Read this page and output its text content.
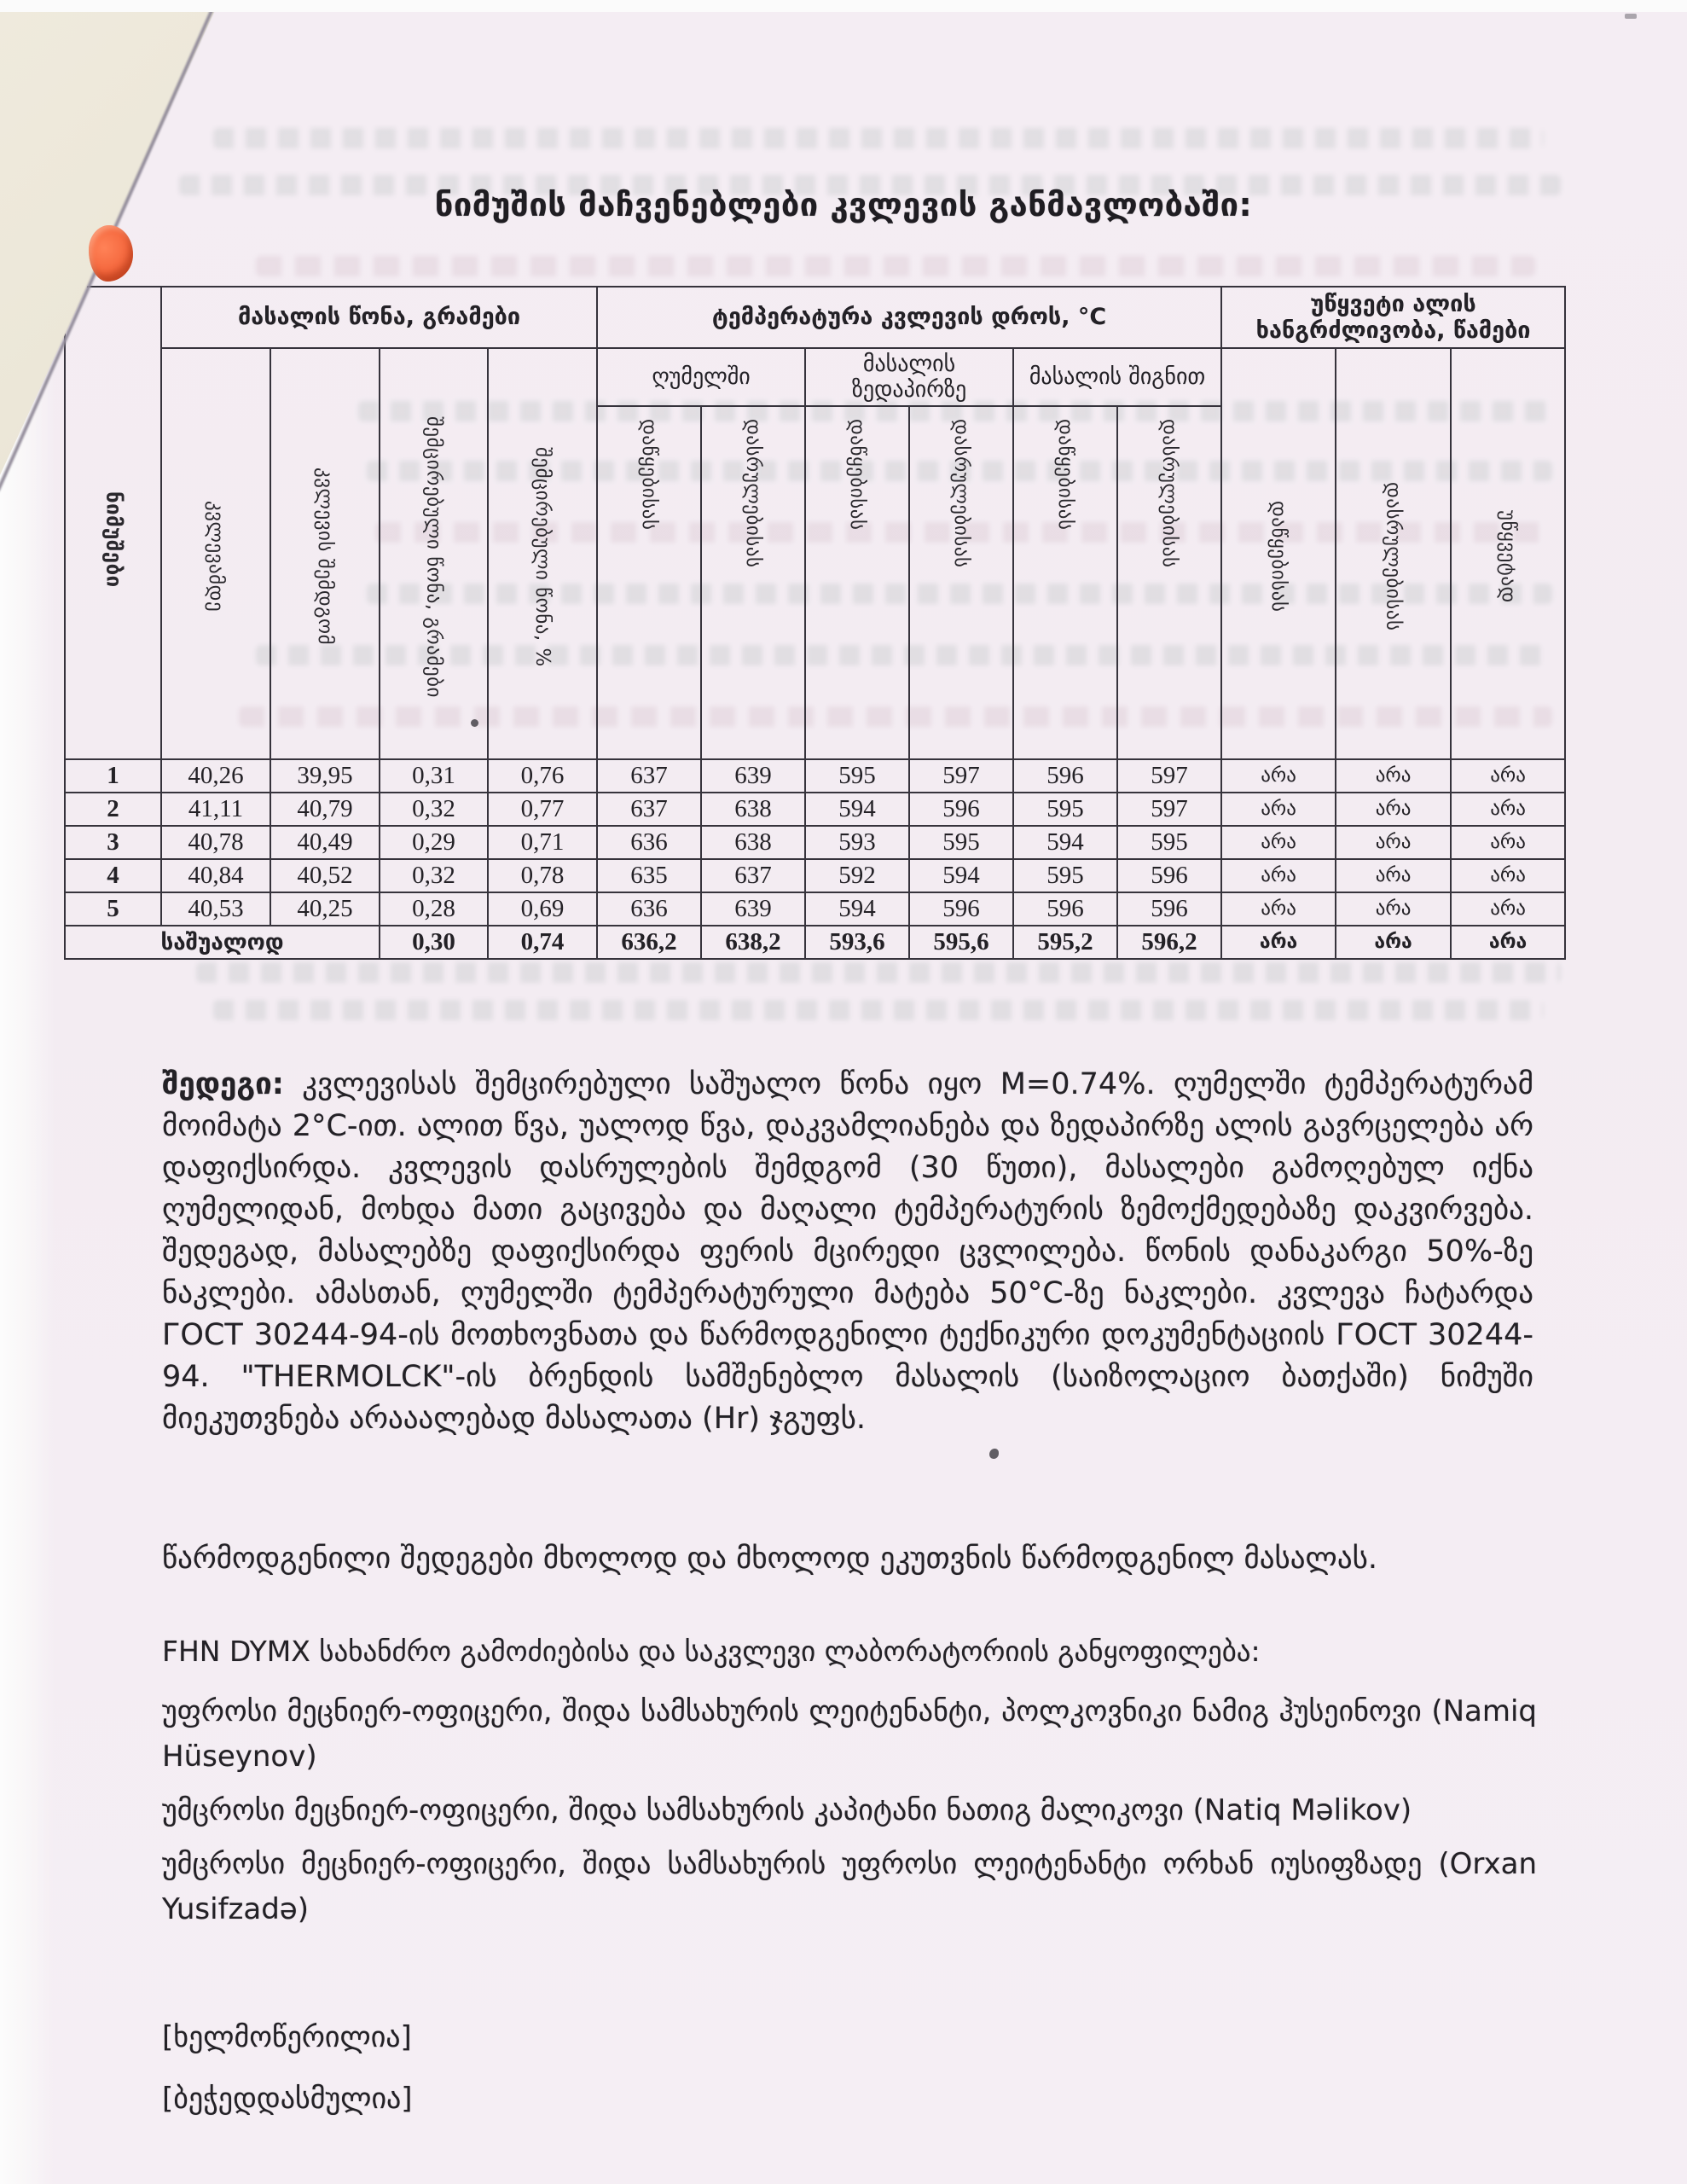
ნიმუშის მაჩვენებლები კვლევის განმავლობაში:
ნიმუშები	მასალის წონა, გრამები				ტემპერატურა კვლევის დროს, °C						უწყვეტი ალის ხანგრძლივობა, წამები		
	კვლევამდე	კვლევის შემდგომ	შემცირებული წონა, გრამები	შემცირებული წონა, %	ღუმელში		მასალის ზედაპირზე		მასალის შიგნით		დაწყებისას	დასრულებისას	უწყვეტად
					დაწყებისას	დასრულებისას	დაწყებისას	დასრულებისას	დაწყებისას	დასრულებისას			
1	40,26	39,95	0,31	0,76	637	639	595	597	596	597	არა	არა	არა
2	41,11	40,79	0,32	0,77	637	638	594	596	595	597	არა	არა	არა
3	40,78	40,49	0,29	0,71	636	638	593	595	594	595	არა	არა	არა
4	40,84	40,52	0,32	0,78	635	637	592	594	595	596	არა	არა	არა
5	40,53	40,25	0,28	0,69	636	639	594	596	596	596	არა	არა	არა
საშუალოდ			0,30	0,74	636,2	638,2	593,6	595,6	595,2	596,2	არა	არა	არა

შედეგი: კვლევისას შემცირებული საშუალო წონა იყო M=0.74%. ღუმელში ტემპერატურამ მოიმატა 2°C-ით. ალით წვა, უალოდ წვა, დაკვამლიანება და ზედაპირზე ალის გავრცელება არ დაფიქსირდა. კვლევის დასრულების შემდგომ (30 წუთი), მასალები გამოღებულ იქნა ღუმელიდან, მოხდა მათი გაცივება და მაღალი ტემპერატურის ზემოქმედებაზე დაკვირვება. შედეგად, მასალებზე დაფიქსირდა ფერის მცირედი ცვლილება. წონის დანაკარგი 50%-ზე ნაკლები. ამასთან, ღუმელში ტემპერატურული მატება 50°C-ზე ნაკლები. კვლევა ჩატარდა ГОСТ 30244-94-ის მოთხოვნათა და წარმოდგენილი ტექნიკური დოკუმენტაციის ГОСТ 30244-94. "THERMOLCK"-ის ბრენდის სამშენებლო მასალის (საიზოლაციო ბათქაში) ნიმუში მიეკუთვნება არააალებად მასალათა (Hr) ჯგუფს.

წარმოდგენილი შედეგები მხოლოდ და მხოლოდ ეკუთვნის წარმოდგენილ მასალას.

FHN DYMX სახანძრო გამოძიებისა და საკვლევი ლაბორატორიის განყოფილება:

უფროსი მეცნიერ-ოფიცერი, შიდა სამსახურის ლეიტენანტი, პოლკოვნიკი ნამიგ ჰუსეინოვი (Namiq Hüseynov)

უმცროსი მეცნიერ-ოფიცერი, შიდა სამსახურის კაპიტანი ნათიგ მალიკოვი (Natiq Məlikov)

უმცროსი მეცნიერ-ოფიცერი, შიდა სამსახურის უფროსი ლეიტენანტი ორხან იუსიფზადე (Orxan Yusifzadə)

[ხელმოწერილია]

[ბეჭედდასმულია]
